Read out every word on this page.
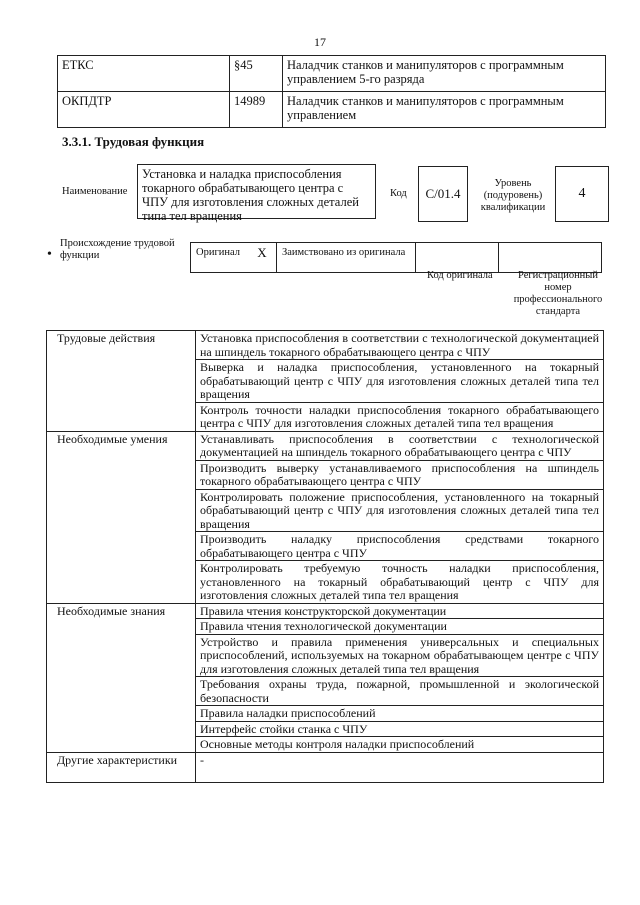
17
ЕТКС	§45	Наладчик станков и манипуляторов с программным управлением 5-го разряда
ОКПДТР	14989	Наладчик станков и манипуляторов с программным управлением
3.3.1. Трудовая функция
Наименование
Установка и наладка приспособления токарного обрабатывающего центра с ЧПУ для изготовления сложных деталей типа тел вращения
Код	C/01.4
Уровень (подуровень) квалификации
4
•
Происхождение трудовой функции	Оригинал	X	Заимствовано из оригинала		
Код оригинала	Регистрационный номер профессионального стандарта
Трудовые действия	Установка приспособления в соответствии с технологической документацией на шпиндель токарного обрабатывающего центра с ЧПУ
	Выверка и наладка приспособления, установленного на токарный обрабатывающий центр с ЧПУ для изготовления сложных деталей типа тел вращения
	Контроль точности наладки приспособления токарного обрабатывающего центра с ЧПУ для изготовления сложных деталей типа тел вращения
Необходимые умения	Устанавливать приспособления в соответствии с технологической документацией на шпиндель токарного обрабатывающего центра с ЧПУ
	Производить выверку устанавливаемого приспособления на шпиндель токарного обрабатывающего центра с ЧПУ
	Контролировать положение приспособления, установленного на токарный обрабатывающий центр с ЧПУ для изготовления сложных деталей типа тел вращения
	Производить наладку приспособления средствами токарного обрабатывающего центра с ЧПУ
	Контролировать требуемую точность наладки приспособления, установленного на токарный обрабатывающий центр с ЧПУ для изготовления сложных деталей типа тел вращения
Необходимые знания	Правила чтения конструкторской документации
	Правила чтения технологической документации
	Устройство и правила применения универсальных и специальных приспособлений, используемых на токарном обрабатывающем центре с ЧПУ для изготовления сложных деталей типа тел вращения
	Требования охраны труда, пожарной, промышленной и экологической безопасности
	Правила наладки приспособлений
	Интерфейс стойки станка с ЧПУ
	Основные методы контроля наладки приспособлений
Другие характеристики	-
